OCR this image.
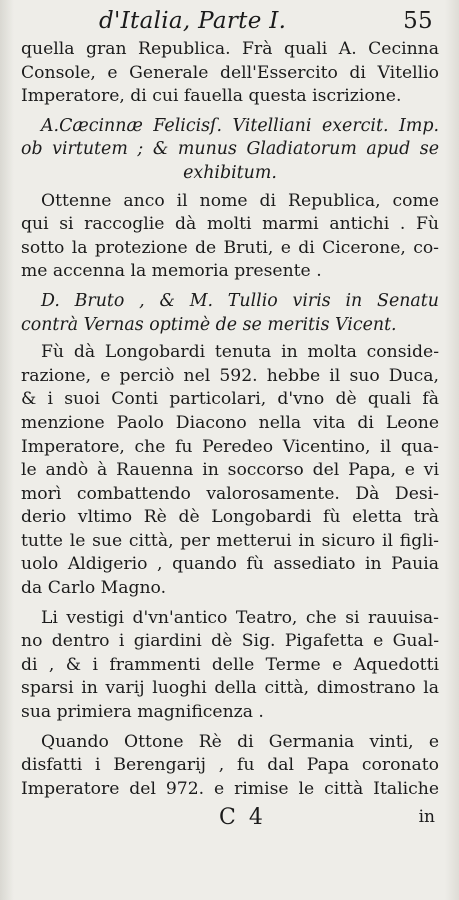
d'Italia, Parte I.	55
quella gran Republica. Frà quali A. Cecinna
Console, e Generale dell'Essercito di Vitellio
Imperatore, di cui fauella questa iscrizione.
A.Cæcinnæ Felicisſ. Vitelliani exercit. Imp.
ob virtutem ; & munus Gladiatorum apud se
exhibitum.
Ottenne anco il nome di Republica, come
qui si raccoglie dà molti marmi antichi . Fù
sotto la protezione de Bruti, e di Cicerone, co-
me accenna la memoria presente .
D. Bruto , & M. Tullio viris in Senatu
contrà Vernas optimè de se meritis Vicent.
Fù dà Longobardi tenuta in molta conside-
razione, e perciò nel 592. hebbe il suo Duca,
& i suoi Conti particolari, d'vno dè quali fà
menzione Paolo Diacono nella vita di Leone
Imperatore, che fu Peredeo Vicentino, il qua-
le andò à Rauenna in soccorso del Papa, e vi
morì combattendo valorosamente. Dà Desi-
derio vltimo Rè dè Longobardi fù eletta trà
tutte le sue città, per metterui in sicuro il figli-
uolo Aldigerio , quando fù assediato in Pauia
da Carlo Magno.
Li vestigi d'vn'antico Teatro, che si rauuisa-
no dentro i giardini dè Sig. Pigafetta e Gual-
di , & i frammenti delle Terme e Aquedotti
sparsi in varij luoghi della città, dimostrano la
sua primiera magnificenza .
Quando Ottone Rè di Germania vinti, e
disfatti i Berengarij , fu dal Papa coronato
Imperatore del 972. e rimise le città Italiche
C 4	in
